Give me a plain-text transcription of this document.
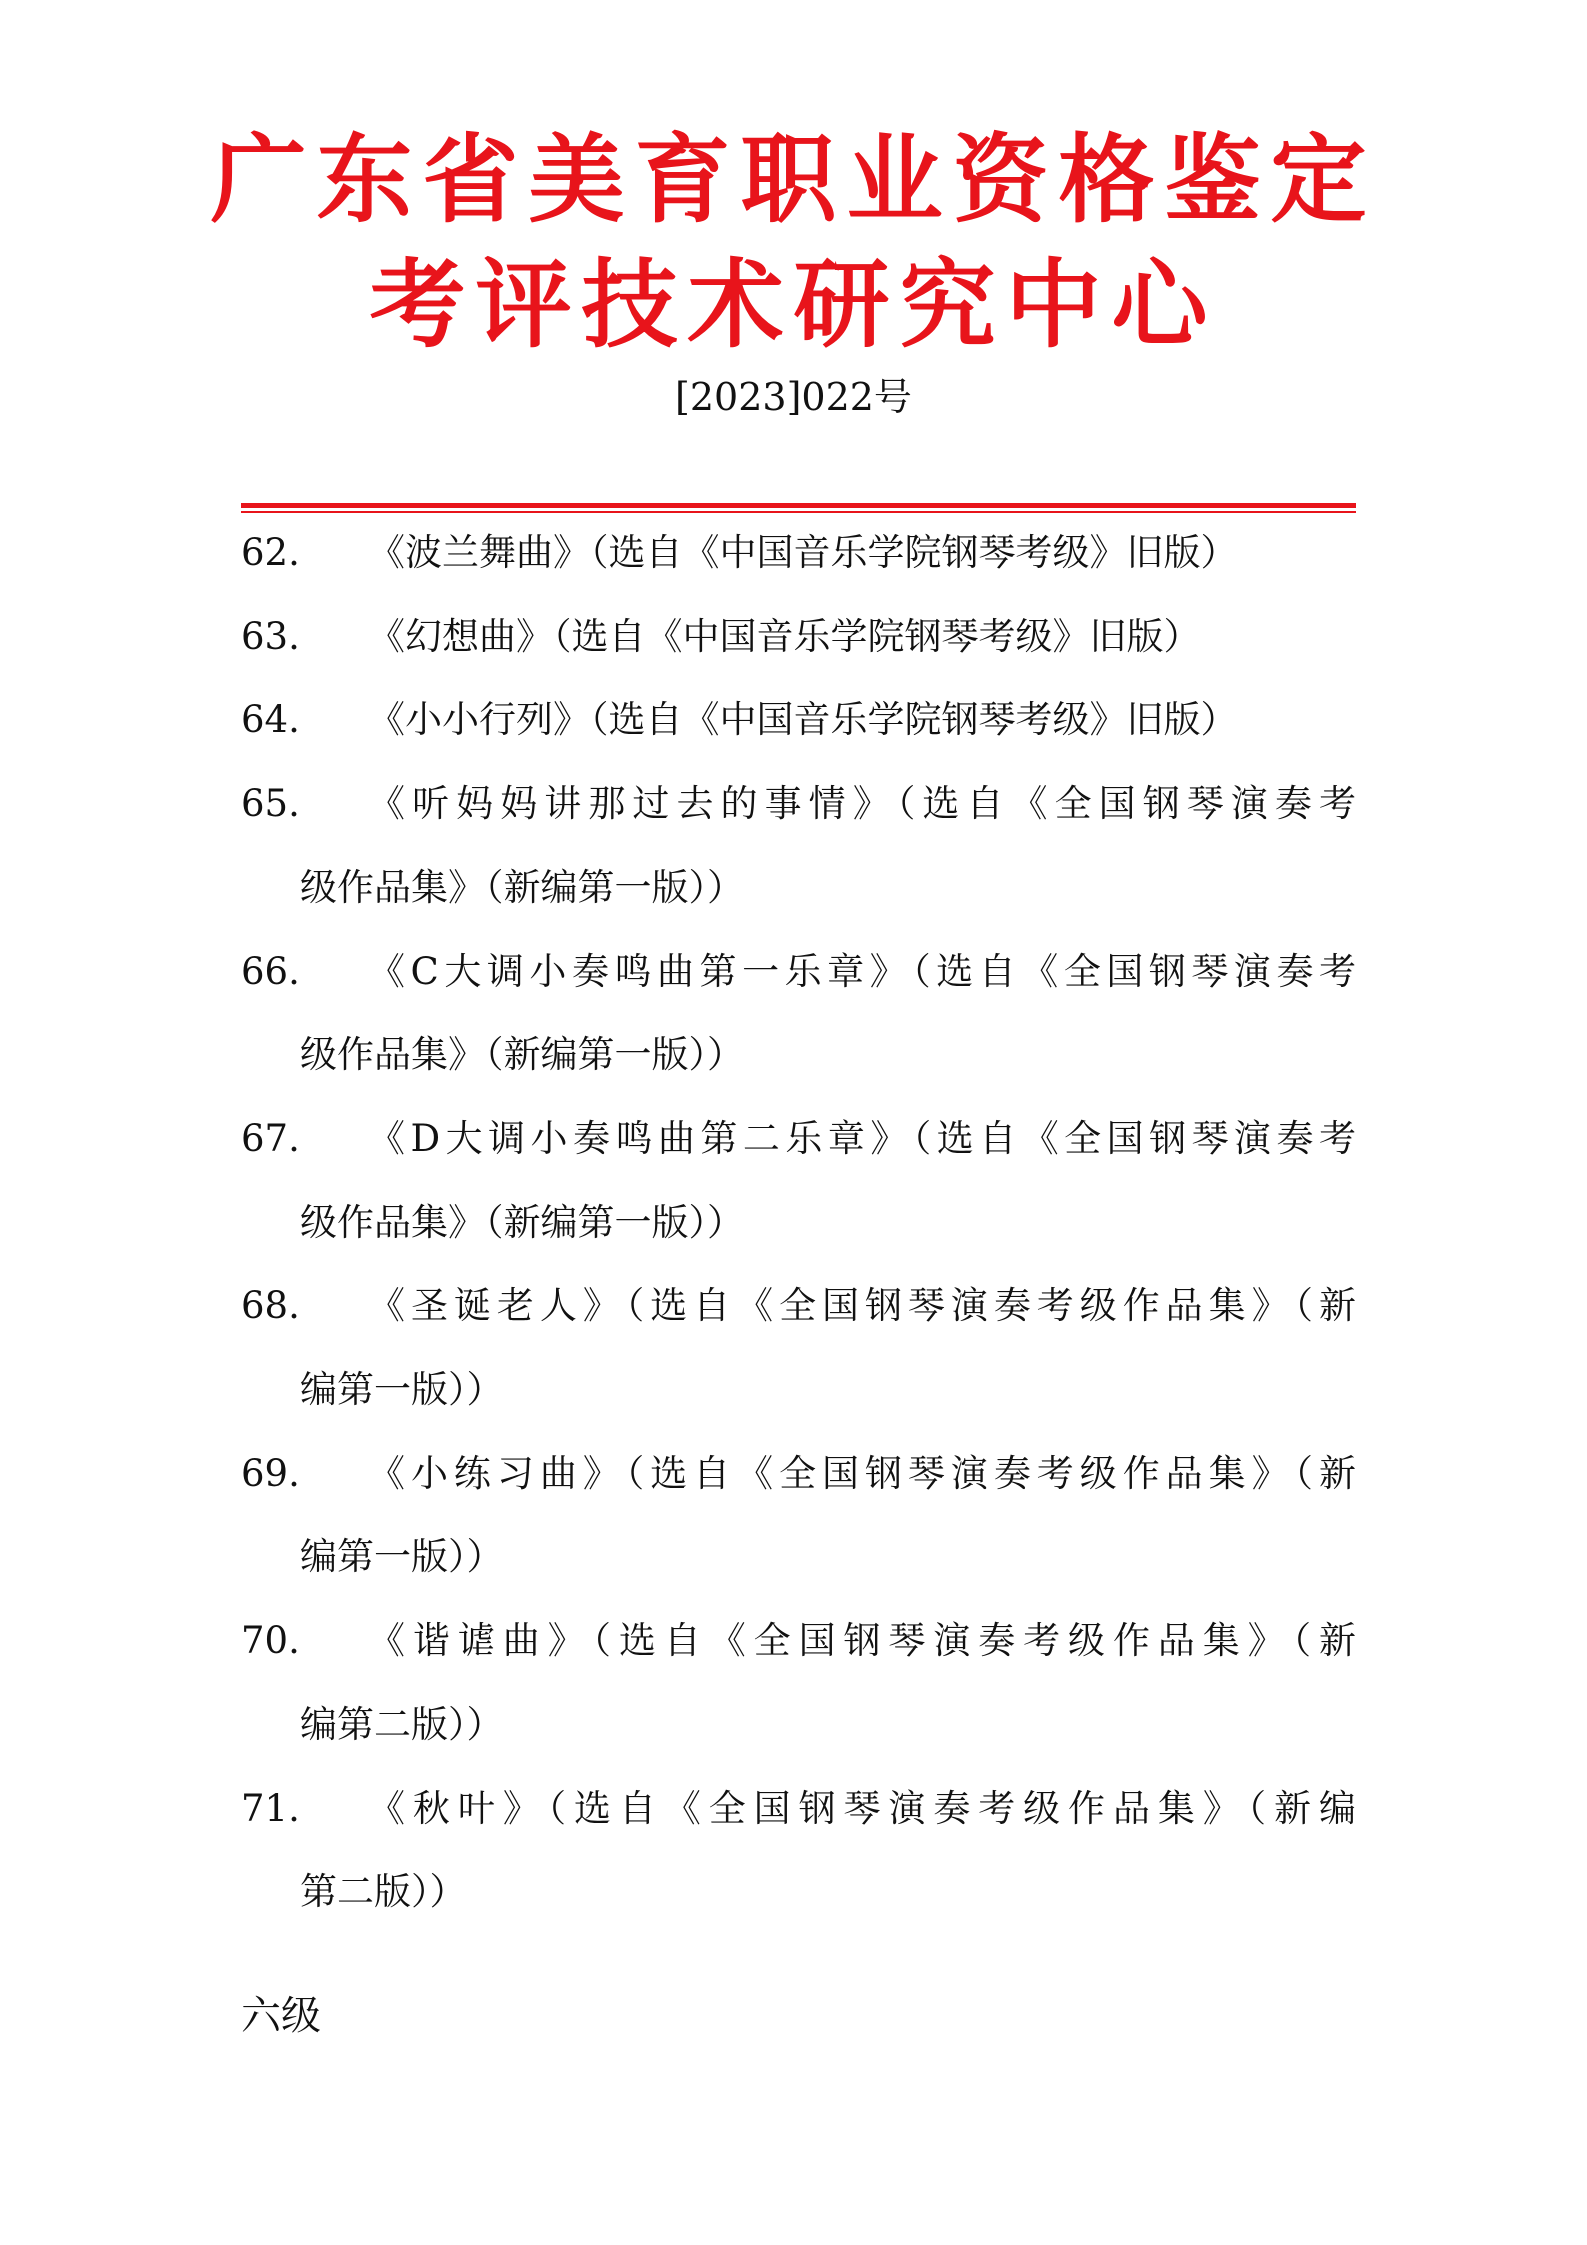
广东省美育职业资格鉴定
考评技术研究中心
[2023]022号
62. 《波兰舞曲》（选自《中国音乐学院钢琴考级》旧版）
63. 《幻想曲》（选自《中国音乐学院钢琴考级》旧版）
64. 《小小行列》（选自《中国音乐学院钢琴考级》旧版）
65. 《听妈妈讲那过去的事情》（选自《全国钢琴演奏考
级作品集》（新编第一版））
66. 《C大调小奏鸣曲第一乐章》（选自《全国钢琴演奏考
级作品集》（新编第一版））
67. 《D大调小奏鸣曲第二乐章》（选自《全国钢琴演奏考
级作品集》（新编第一版））
68. 《圣诞老人》（选自《全国钢琴演奏考级作品集》（新
编第一版））
69. 《小练习曲》（选自《全国钢琴演奏考级作品集》（新
编第一版））
70. 《谐谑曲》（选自《全国钢琴演奏考级作品集》（新
编第二版））
71. 《秋叶》（选自《全国钢琴演奏考级作品集》（新编
第二版））
六级
